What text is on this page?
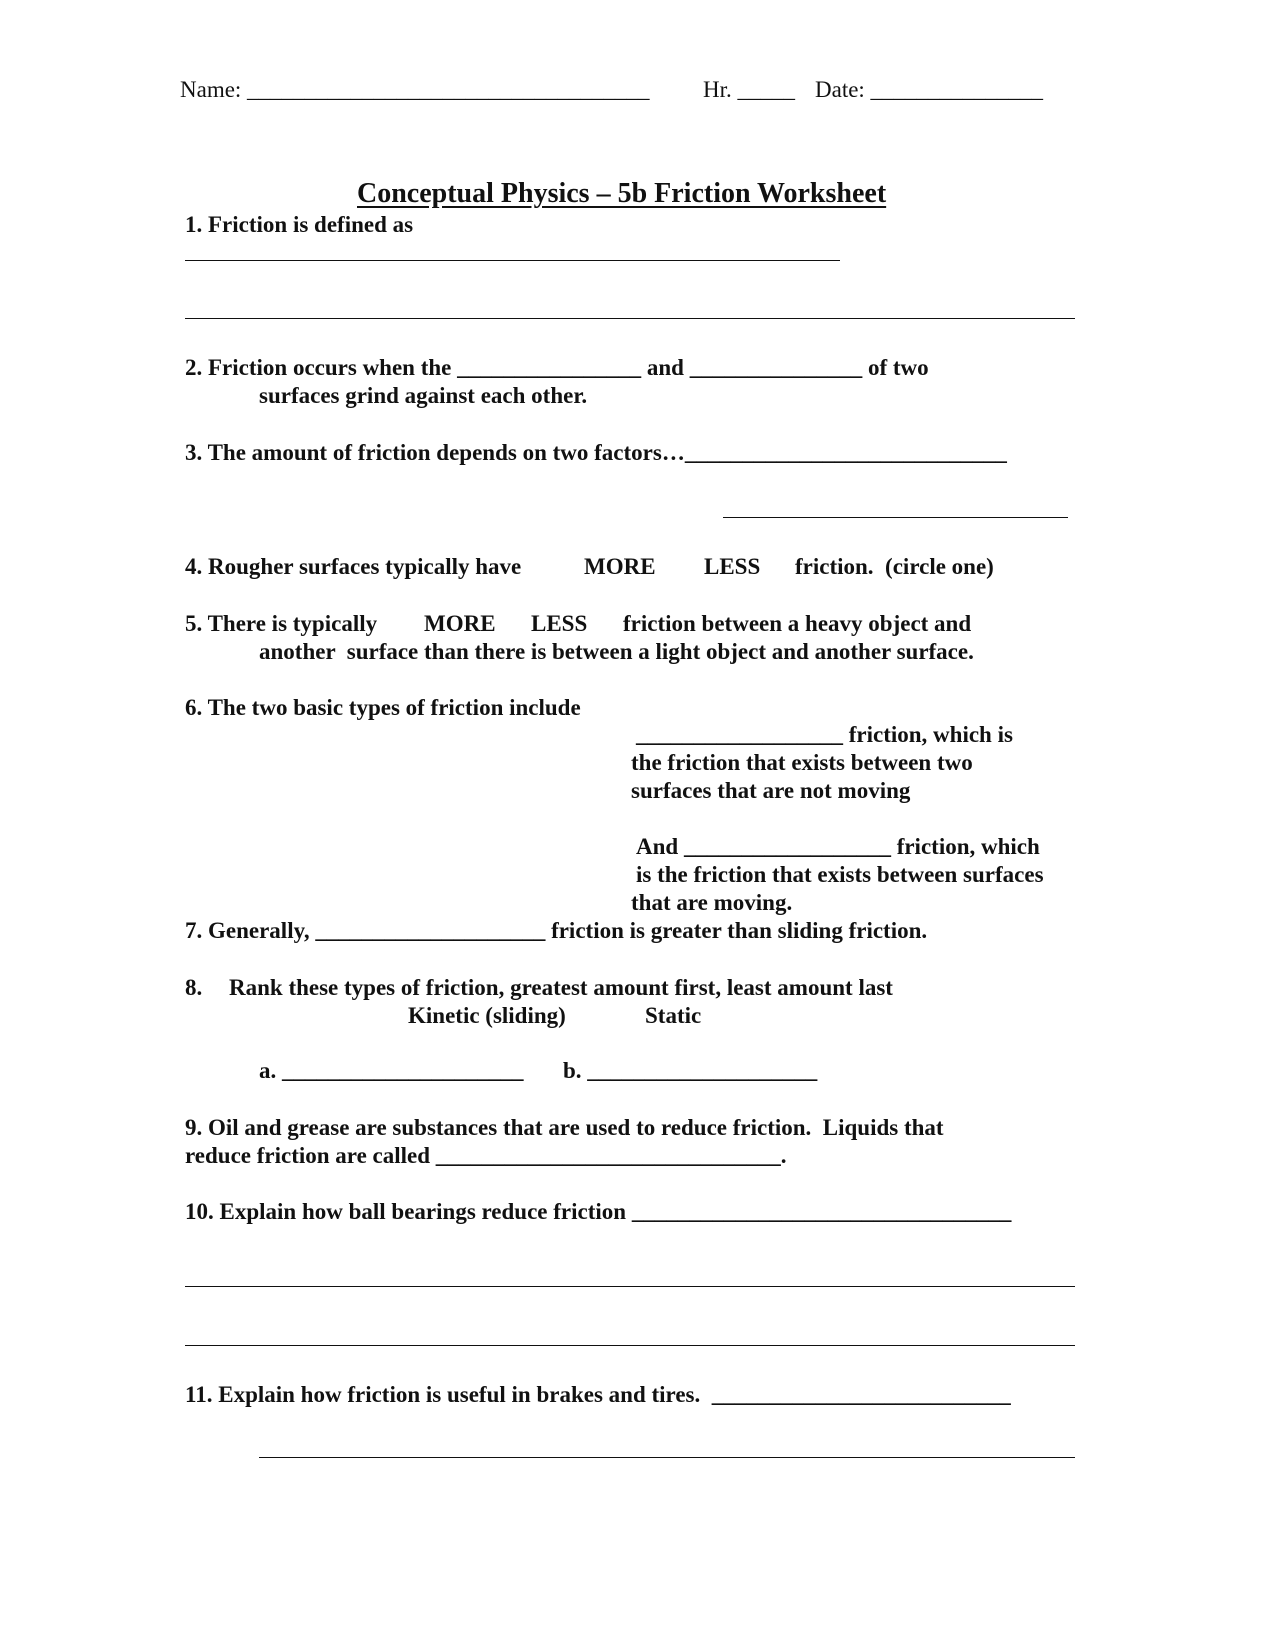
Name: ___________________________________ Hr. _____ Date: _______________
Conceptual Physics – 5b Friction Worksheet
1. Friction is defined as
2. Friction occurs when the ________________ and _______________ of two
surfaces grind against each other.
3. The amount of friction depends on two factors…____________________________
4. Rougher surfaces typically have	MORE LESS friction.  (circle one)
5. There is typically MORE LESS friction between a heavy object and
another  surface than there is between a light object and another surface.
6. The two basic types of friction include
__________________ friction, which is
the friction that exists between two
surfaces that are not moving
And __________________ friction, which
is the friction that exists between surfaces
that are moving.
7. Generally, ____________________ friction is greater than sliding friction.
8. Rank these types of friction, greatest amount first, least amount last
Kinetic (sliding)	Static
a. _____________________ b. ____________________
9. Oil and grease are substances that are used to reduce friction.  Liquids that
reduce friction are called ______________________________.
10. Explain how ball bearings reduce friction _________________________________
11. Explain how friction is useful in brakes and tires.  __________________________
